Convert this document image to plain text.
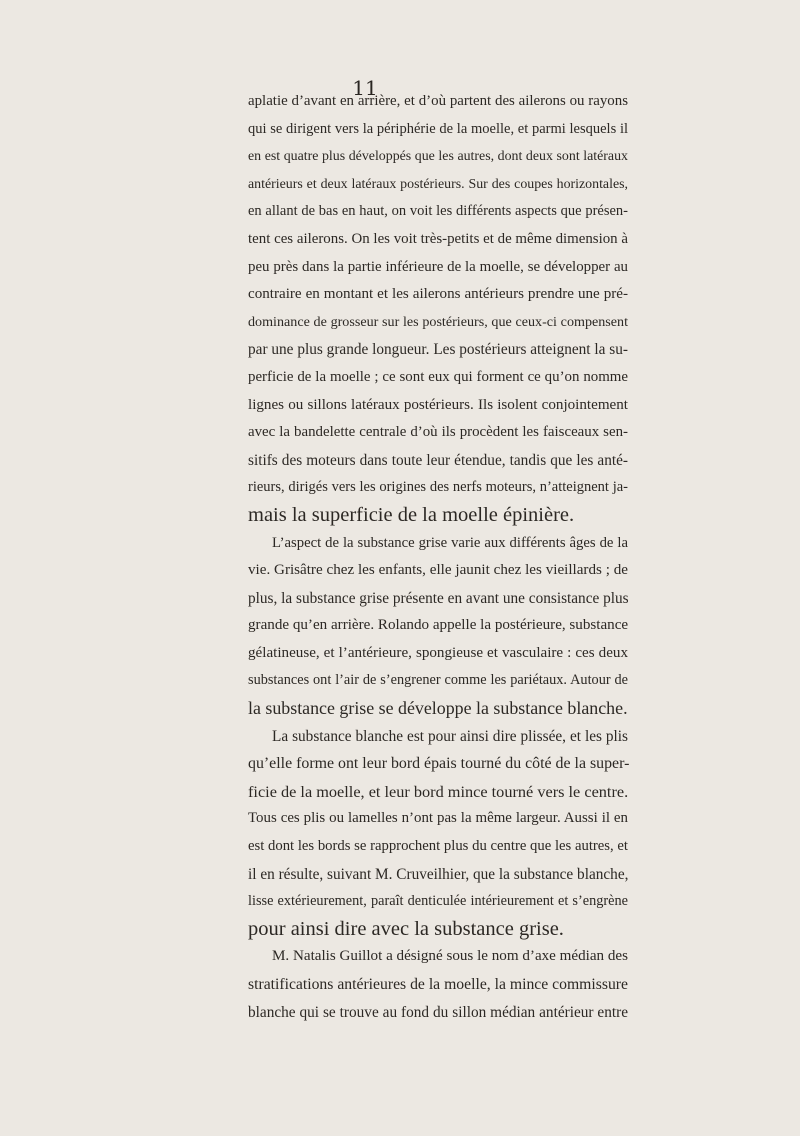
11
aplatie d’avant en arrière, et d’où partent des ailerons ou rayons
qui se dirigent vers la périphérie de la moelle, et parmi lesquels il
en est quatre plus développés que les autres, dont deux sont latéraux
antérieurs et deux latéraux postérieurs. Sur des coupes horizontales,
en allant de bas en haut, on voit les différents aspects que présen-
tent ces ailerons. On les voit très-petits et de même dimension à
peu près dans la partie inférieure de la moelle, se développer au
contraire en montant et les ailerons antérieurs prendre une pré-
dominance de grosseur sur les postérieurs, que ceux-ci compensent
par une plus grande longueur. Les postérieurs atteignent la su-
perficie de la moelle ; ce sont eux qui forment ce qu’on nomme
lignes ou sillons latéraux postérieurs. Ils isolent conjointement
avec la bandelette centrale d’où ils procèdent les faisceaux sen-
sitifs des moteurs dans toute leur étendue, tandis que les anté-
rieurs, dirigés vers les origines des nerfs moteurs, n’atteignent ja-
mais la superficie de la moelle épinière.
L’aspect de la substance grise varie aux différents âges de la
vie. Grisâtre chez les enfants, elle jaunit chez les vieillards ; de
plus, la substance grise présente en avant une consistance plus
grande qu’en arrière. Rolando appelle la postérieure, substance
gélatineuse, et l’antérieure, spongieuse et vasculaire : ces deux
substances ont l’air de s’engrener comme les pariétaux. Autour de
la substance grise se développe la substance blanche.
La substance blanche est pour ainsi dire plissée, et les plis
qu’elle forme ont leur bord épais tourné du côté de la super-
ficie de la moelle, et leur bord mince tourné vers le centre.
Tous ces plis ou lamelles n’ont pas la même largeur. Aussi il en
est dont les bords se rapprochent plus du centre que les autres, et
il en résulte, suivant M. Cruveilhier, que la substance blanche,
lisse extérieurement, paraît denticulée intérieurement et s’engrène
pour ainsi dire avec la substance grise.
M. Natalis Guillot a désigné sous le nom d’axe médian des
stratifications antérieures de la moelle, la mince commissure
blanche qui se trouve au fond du sillon médian antérieur entre
